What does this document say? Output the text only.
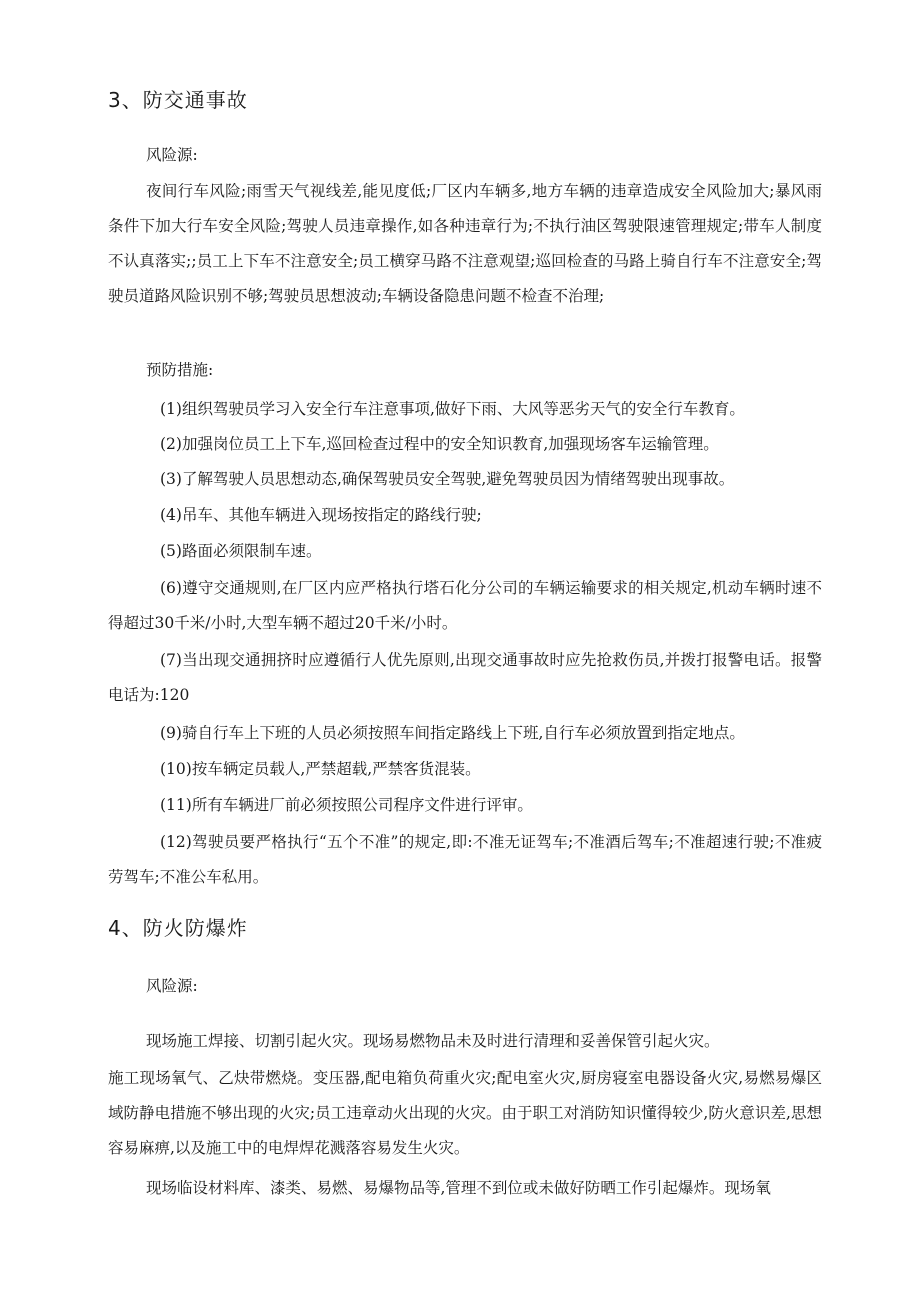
3、防交通事故

风险源:

夜间行车风险;雨雪天气视线差,能见度低;厂区内车辆多,地方车辆的违章造成安全风险加大;暴风雨条件下加大行车安全风险;驾驶人员违章操作,如各种违章行为;不执行油区驾驶限速管理规定;带车人制度不认真落实;;员工上下车不注意安全;员工横穿马路不注意观望;巡回检查的马路上骑自行车不注意安全;驾驶员道路风险识别不够;驾驶员思想波动;车辆设备隐患问题不检查不治理;

预防措施:

(1)组织驾驶员学习入安全行车注意事项,做好下雨、大风等恶劣天气的安全行车教育。

(2)加强岗位员工上下车,巡回检查过程中的安全知识教育,加强现场客车运输管理。

(3)了解驾驶人员思想动态,确保驾驶员安全驾驶,避免驾驶员因为情绪驾驶出现事故。

(4)吊车、其他车辆进入现场按指定的路线行驶;

(5)路面必须限制车速。

(6)遵守交通规则,在厂区内应严格执行塔石化分公司的车辆运输要求的相关规定,机动车辆时速不得超过30千米/小时,大型车辆不超过20千米/小时。

(7)当出现交通拥挤时应遵循行人优先原则,出现交通事故时应先抢救伤员,并拨打报警电话。报警电话为:120

(9)骑自行车上下班的人员必须按照车间指定路线上下班,自行车必须放置到指定地点。

(10)按车辆定员载人,严禁超载,严禁客货混装。

(11)所有车辆进厂前必须按照公司程序文件进行评审。

(12)驾驶员要严格执行“五个不准”的规定,即:不准无证驾车;不准酒后驾车;不准超速行驶;不准疲劳驾车;不准公车私用。

4、防火防爆炸

风险源:

现场施工焊接、切割引起火灾。现场易燃物品未及时进行清理和妥善保管引起火灾。

施工现场氧气、乙炔带燃烧。变压器,配电箱负荷重火灾;配电室火灾,厨房寝室电器设备火灾,易燃易爆区域防静电措施不够出现的火灾;员工违章动火出现的火灾。由于职工对消防知识懂得较少,防火意识差,思想容易麻痹,以及施工中的电焊焊花溅落容易发生火灾。

现场临设材料库、漆类、易燃、易爆物品等,管理不到位或未做好防晒工作引起爆炸。现场氧
